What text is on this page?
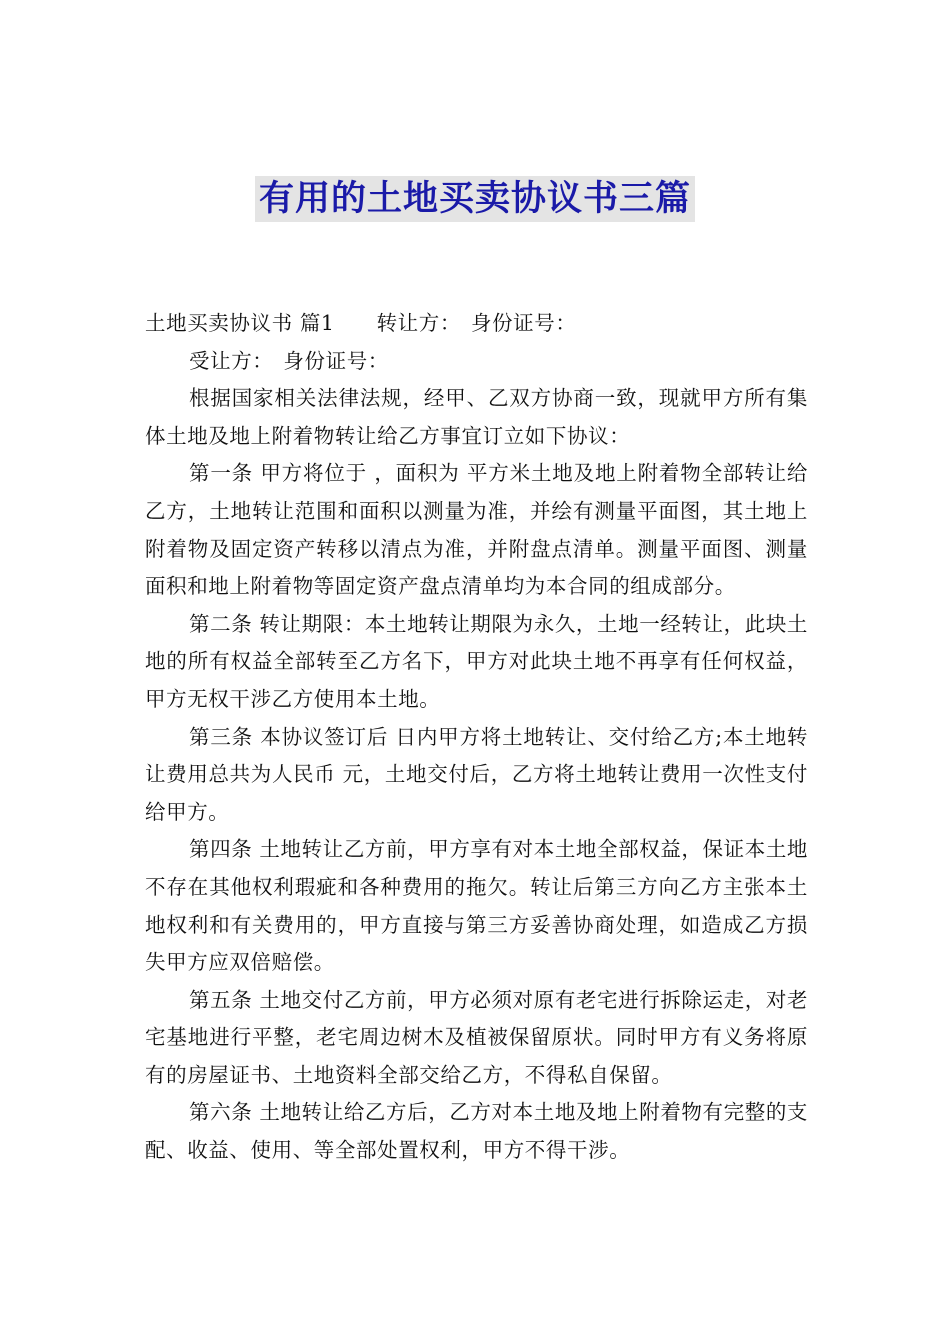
有用的土地买卖协议书三篇

土地买卖协议书 篇1 转让方： 身份证号：

受让方： 身份证号：

根据国家相关法律法规，经甲、乙双方协商一致，现就甲方所有集体土地及地上附着物转让给乙方事宜订立如下协议：

第一条 甲方将位于 ，面积为 平方米土地及地上附着物全部转让给乙方，土地转让范围和面积以测量为准，并绘有测量平面图，其土地上附着物及固定资产转移以清点为准，并附盘点清单。测量平面图、测量面积和地上附着物等固定资产盘点清单均为本合同的组成部分。

第二条 转让期限：本土地转让期限为永久，土地一经转让，此块土地的所有权益全部转至乙方名下，甲方对此块土地不再享有任何权益，甲方无权干涉乙方使用本土地。

第三条 本协议签订后 日内甲方将土地转让、交付给乙方;本土地转让费用总共为人民币 元，土地交付后，乙方将土地转让费用一次性支付给甲方。

第四条 土地转让乙方前，甲方享有对本土地全部权益，保证本土地不存在其他权利瑕疵和各种费用的拖欠。转让后第三方向乙方主张本土地权利和有关费用的，甲方直接与第三方妥善协商处理，如造成乙方损失甲方应双倍赔偿。

第五条 土地交付乙方前，甲方必须对原有老宅进行拆除运走，对老宅基地进行平整，老宅周边树木及植被保留原状。同时甲方有义务将原有的房屋证书、土地资料全部交给乙方，不得私自保留。

第六条 土地转让给乙方后，乙方对本土地及地上附着物有完整的支配、收益、使用、等全部处置权利，甲方不得干涉。
